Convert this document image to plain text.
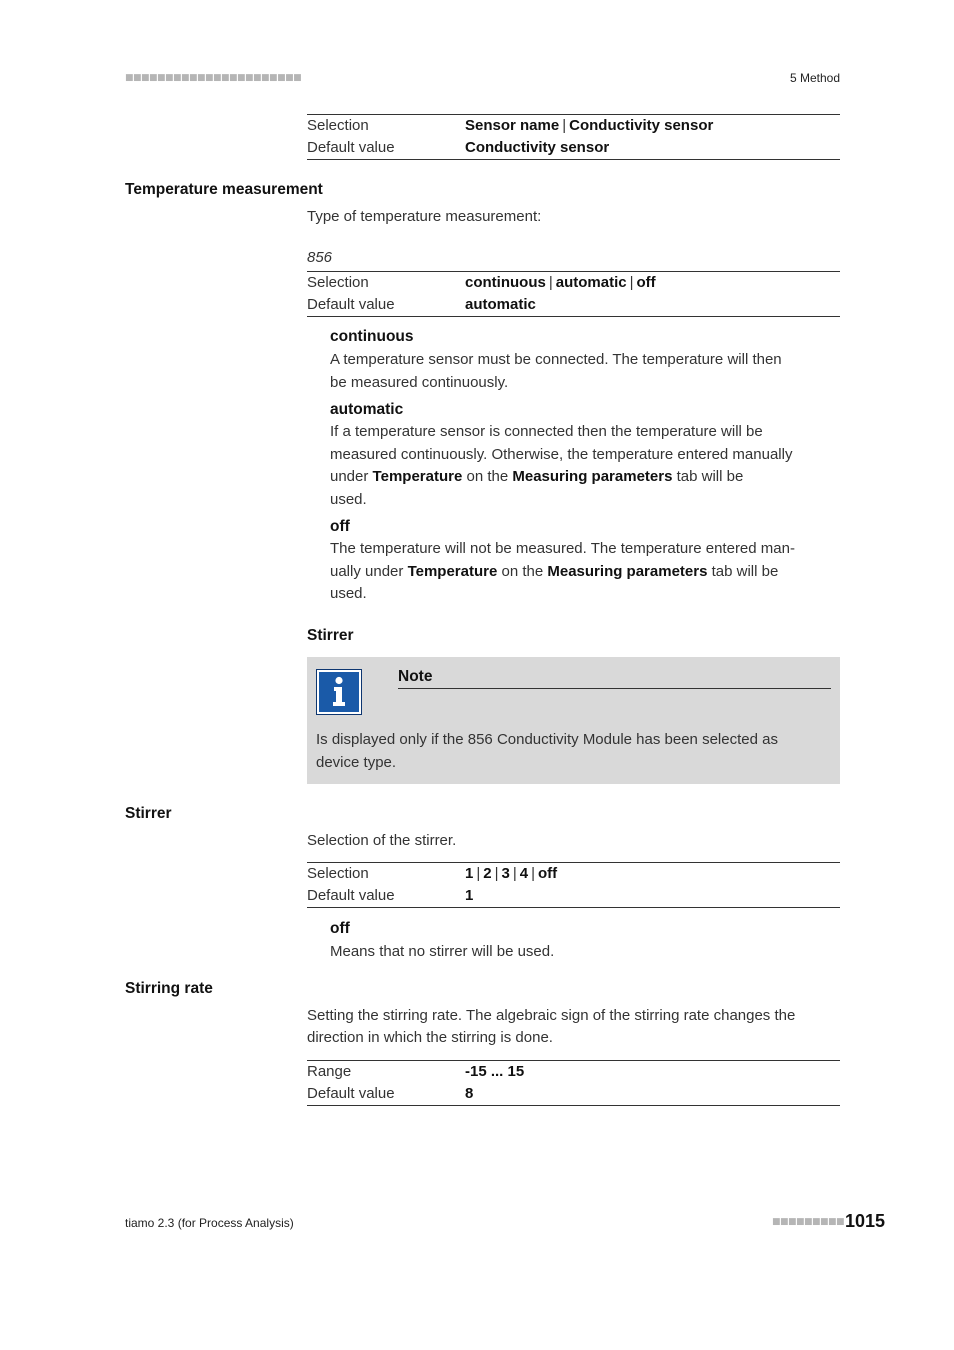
■■■■■■■■■■■■■■■■■■■■■■	5 Method
Selection	Sensor name | Conductivity sensor
Default value	Conductivity sensor
Temperature measurement
Type of temperature measurement:
856
Selection	continuous | automatic | off
Default value	automatic
continuous
A temperature sensor must be connected. The temperature will then
be measured continuously.
automatic
If a temperature sensor is connected then the temperature will be
measured continuously. Otherwise, the temperature entered manually
under Temperature on the Measuring parameters tab will be
used.
off
The temperature will not be measured. The temperature entered man-
ually under Temperature on the Measuring parameters tab will be
used.
Stirrer
Note
Is displayed only if the 856 Conductivity Module has been selected as
device type.
Stirrer
Selection of the stirrer.
Selection	1 | 2 | 3 | 4 | off
Default value	1
off
Means that no stirrer will be used.
Stirring rate
Setting the stirring rate. The algebraic sign of the stirring rate changes the
direction in which the stirring is done.
Range	-15 ... 15
Default value	8
tiamo 2.3 (for Process Analysis)	■■■■■■■■■ 1015
